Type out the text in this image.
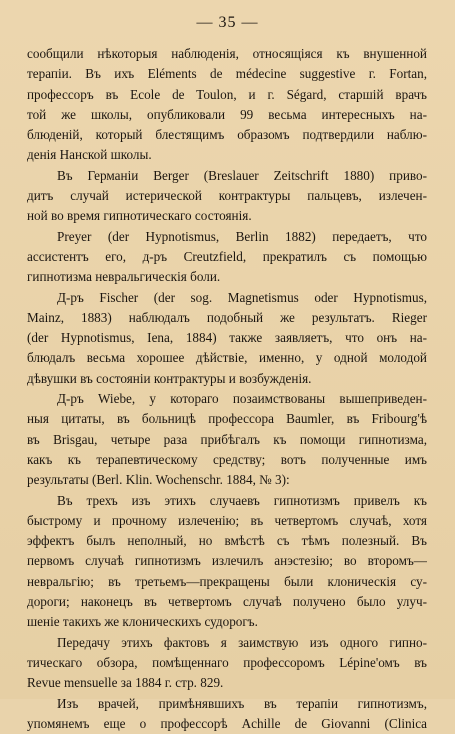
— 35 —
сообщили нѣкоторыя наблюденія, относящіяся къ внушенной
терапіи. Въ ихъ Eléments de médecine suggestive г. Fortan,
профессоръ въ Ecole de Toulon, и г. Ségard, старшій врачъ
той же школы, опубликовали 99 весьма интересныхъ на-
блюденій, который блестящимъ образомъ подтвердили наблю-
денія Нанской школы.
Въ Германіи Berger (Breslauer Zeitschrift 1880) приво-
дитъ случай истерической контрактуры пальцевъ, излечен-
ной во время гипнотическаго состоянія.
Preyer (der Hypnotismus, Berlin 1882) передаетъ, что
ассистентъ его, д-ръ Creutzfield, прекратилъ съ помощью
гипнотизма невральгическія боли.
Д-ръ Fischer (der sog. Magnetismus oder Hypnotismus,
Mainz, 1883) наблюдалъ подобный же результатъ. Rieger
(der Hypnotismus, Iena, 1884) также заявляетъ, что онъ на-
блюдалъ весьма хорошее дѣйствіе, именно, у одной молодой
дѣвушки въ состояніи контрактуры и возбужденія.
Д-ръ Wiebe, у котораго позаимствованы вышеприведен-
ныя цитаты, въ больницѣ профессора Baumler, въ Fribourg'ѣ
въ Brisgau, четыре раза прибѣгалъ къ помощи гипнотизма,
какъ къ терапевтическому средству; вотъ полученные имъ
результаты (Berl. Klin. Wochenschr. 1884, № 3):
Въ трехъ изъ этихъ случаевъ гипнотизмъ привелъ къ
быстрому и прочному излеченію; въ четвертомъ случаѣ, хотя
эффектъ былъ неполный, но вмѣстѣ съ тѣмъ полезный. Въ
первомъ случаѣ гипнотизмъ излечилъ анэстезію; во второмъ—
невральгію; въ третьемъ—прекращены были клоническія су-
дороги; наконецъ въ четвертомъ случаѣ получено было улуч-
шеніе такихъ же клоническихъ судорогъ.
Передачу этихъ фактовъ я заимствую изъ одного гипно-
тическаго обзора, помѣщеннаго профессоромъ Lépine'омъ въ
Revue mensuelle за 1884 г. стр. 829.
Изъ врачей, примѣнявшихъ въ терапіи гипнотизмъ,
упомянемъ еще о профессорѣ Achille de Giovanni (Clinica
